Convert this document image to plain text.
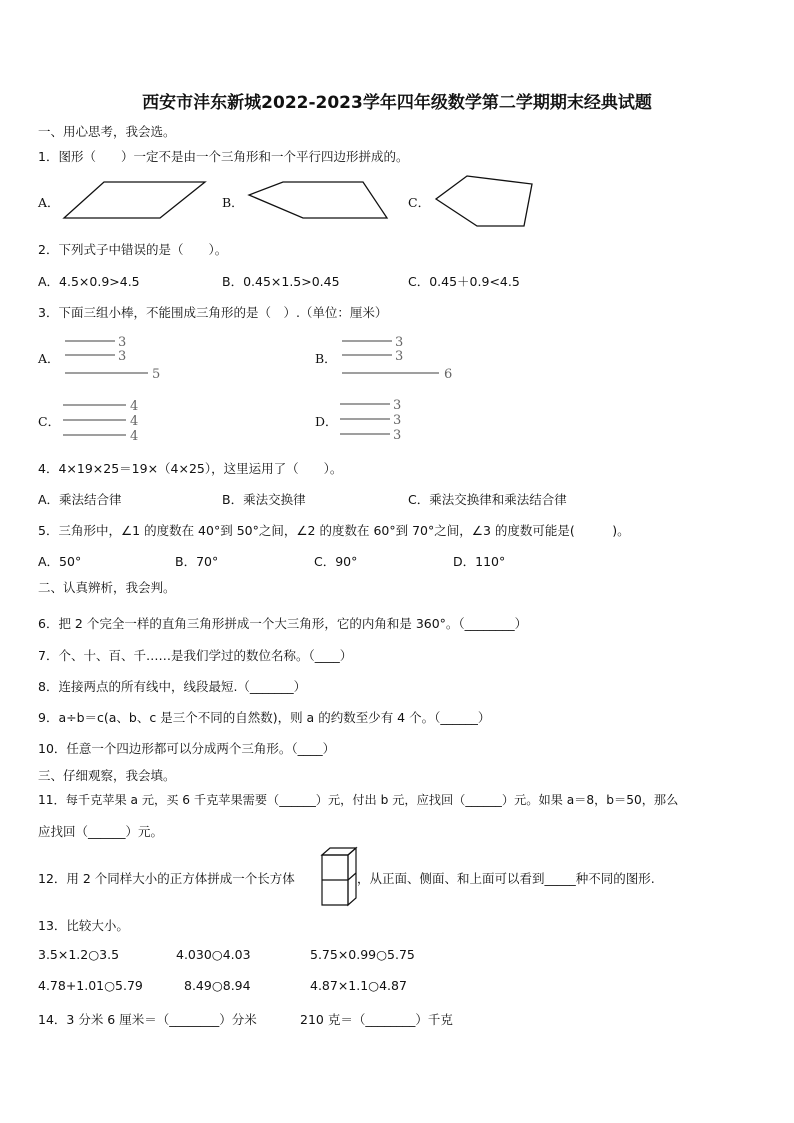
西安市沣东新城2022-2023学年四年级数学第二学期期末经典试题
一、用心思考，我会选。
1．图形（　　）一定不是由一个三角形和一个平行四边形拼成的。
A．	B．	C．
2．下列式子中错误的是（　　）。
A．4.5×0.9>4.5	B．0.45×1.5>0.45	C．0.45＋0.9<4.5
3．下面三组小棒，不能围成三角形的是（　）.（单位：厘米）
A．
3
3
5
B．
3
3
6
C．
4
4
4
D．
3
3
3
4．4×19×25＝19×（4×25），这里运用了（　　）。
A．乘法结合律	B．乘法交换律	C．乘法交换律和乘法结合律
5．三角形中，∠1 的度数在 40°到 50°之间，∠2 的度数在 60°到 70°之间，∠3 的度数可能是(　　　)。
A．50°	B．70°	C．90°	D．110°
二、认真辨析，我会判。
6．把 2 个完全一样的直角三角形拼成一个大三角形，它的内角和是 360°。（________）
7．个、十、百、千……是我们学过的数位名称。（____）
8．连接两点的所有线中，线段最短.（_______）
9．a÷b＝c(a、b、c 是三个不同的自然数)，则 a 的约数至少有 4 个。（______）
10．任意一个四边形都可以分成两个三角形。（____）
三、仔细观察，我会填。
11．每千克苹果 a 元，买 6 千克苹果需要（______）元，付出 b 元，应找回（______）元。如果 a＝8，b＝50，那么
应找回（______）元。
12．用 2 个同样大小的正方体拼成一个长方体	，从正面、侧面、和上面可以看到_____种不同的图形.
13．比较大小。
3.5×1.2○3.5	4.030○4.03	5.75×0.99○5.75
4.78+1.01○5.79	8.49○8.94	4.87×1.1○4.87
14．3 分米 6 厘米＝（________）分米	210 克＝（________）千克
